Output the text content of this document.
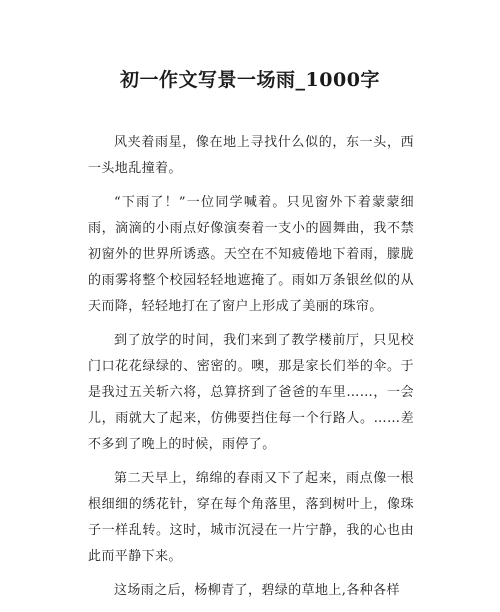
初一作文写景一场雨_1000字

风夹着雨星，像在地上寻找什么似的，东一头，西一头地乱撞着。

“下雨了！”一位同学喊着。只见窗外下着蒙蒙细雨，滴滴的小雨点好像演奏着一支小的圆舞曲，我不禁初窗外的世界所诱惑。天空在不知疲倦地下着雨，朦胧的雨雾将整个校园轻轻地遮掩了。雨如万条银丝似的从天而降，轻轻地打在了窗户上形成了美丽的珠帘。

到了放学的时间，我们来到了教学楼前厅，只见校门口花花绿绿的、密密的。噢，那是家长们举的伞。于是我过五关斩六将，总算挤到了爸爸的车里……，一会儿，雨就大了起来，仿佛要挡住每一个行路人。……差不多到了晚上的时候，雨停了。

第二天早上，绵绵的春雨又下了起来，雨点像一根根细细的绣花针，穿在每个角落里，落到树叶上，像珠子一样乱转。这时，城市沉浸在一片宁静，我的心也由此而平静下来。

这场雨之后，杨柳青了，碧绿的草地上,各种各样
